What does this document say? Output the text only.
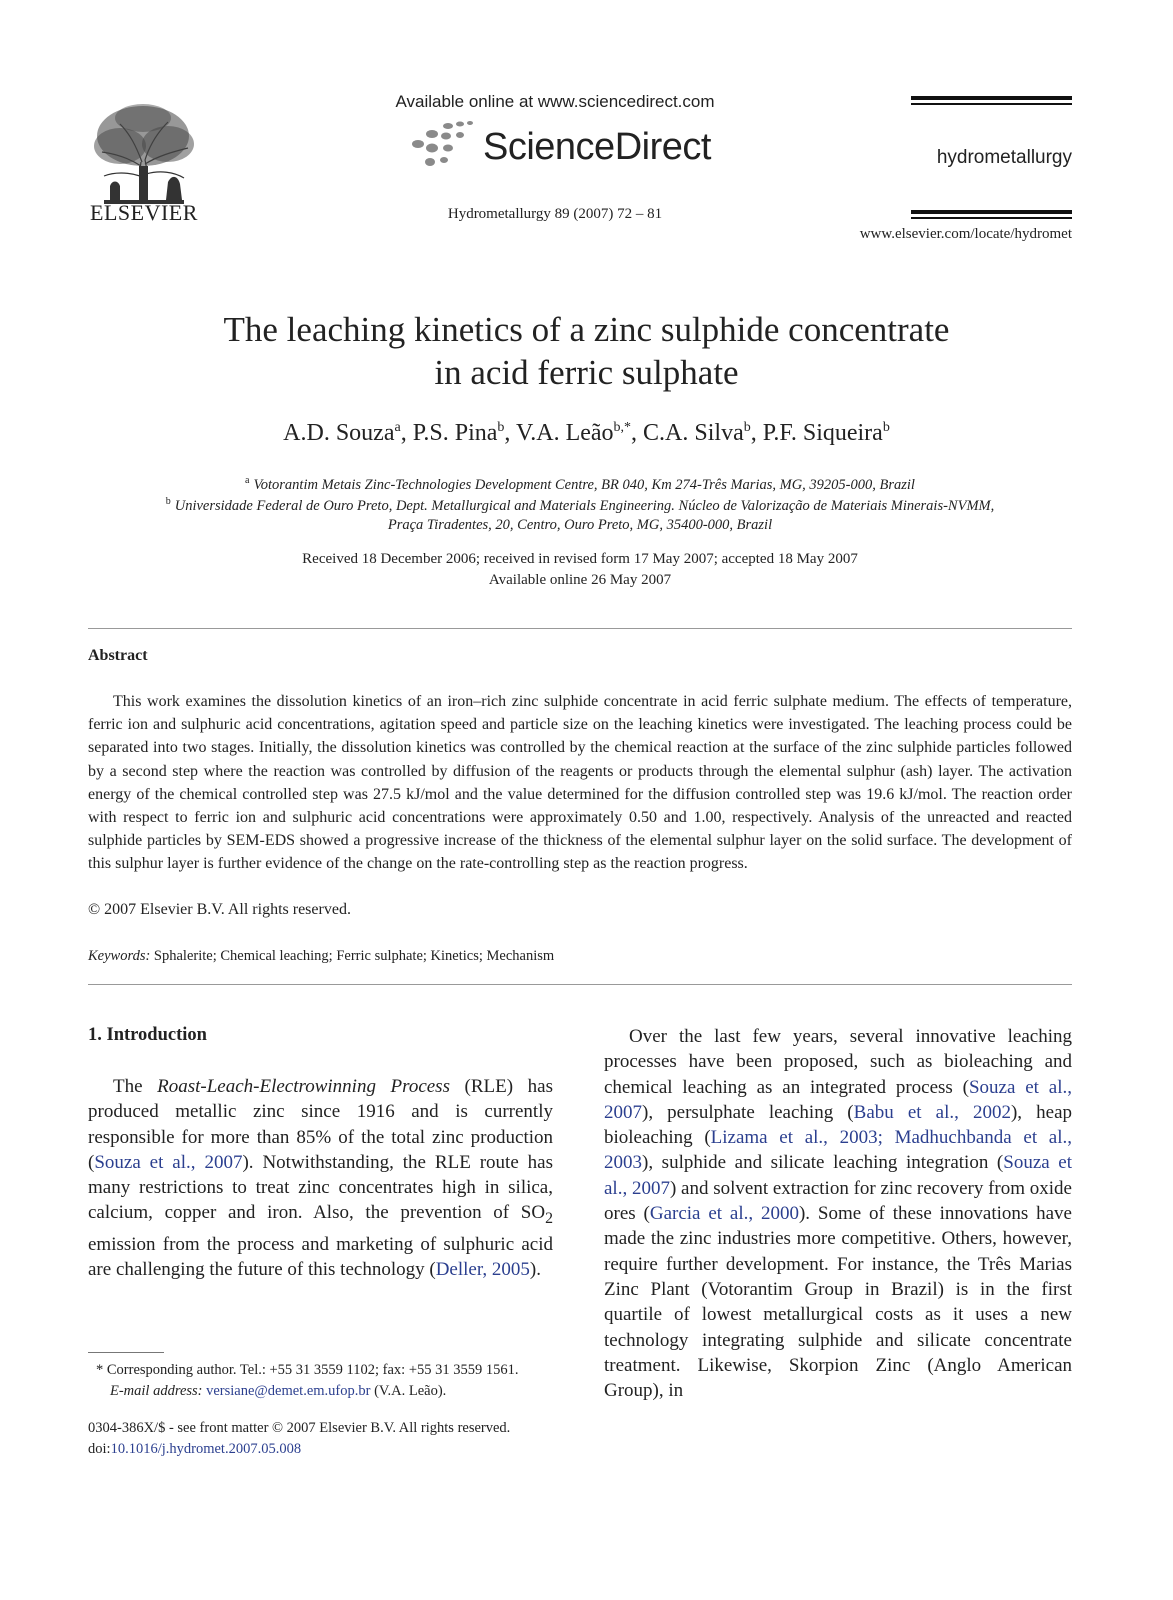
ELSEVIER
Available online at www.sciencedirect.com
ScienceDirect
Hydrometallurgy 89 (2007) 72 – 81
hydrometallurgy
www.elsevier.com/locate/hydromet
The leaching kinetics of a zinc sulphide concentrate
in acid ferric sulphate
A.D. Souza$^a$, P.S. Pina$^b$, V.A. Leão$^{b,*}$, C.A. Silva$^b$, P.F. Siqueira$^b$
$^a$ Votorantim Metais Zinc-Technologies Development Centre, BR 040, Km 274-Três Marias, MG, 39205-000, Brazil
$^b$ Universidade Federal de Ouro Preto, Dept. Metallurgical and Materials Engineering. Núcleo de Valorização de Materiais Minerais-NVMM,
Praça Tiradentes, 20, Centro, Ouro Preto, MG, 35400-000, Brazil
Received 18 December 2006; received in revised form 17 May 2007; accepted 18 May 2007
Available online 26 May 2007
Abstract

This work examines the dissolution kinetics of an iron–rich zinc sulphide concentrate in acid ferric sulphate medium. The effects of temperature, ferric ion and sulphuric acid concentrations, agitation speed and particle size on the leaching kinetics were investigated. The leaching process could be separated into two stages. Initially, the dissolution kinetics was controlled by the chemical reaction at the surface of the zinc sulphide particles followed by a second step where the reaction was controlled by diffusion of the reagents or products through the elemental sulphur (ash) layer. The activation energy of the chemical controlled step was 27.5 kJ/mol and the value determined for the diffusion controlled step was 19.6 kJ/mol. The reaction order with respect to ferric ion and sulphuric acid concentrations were approximately 0.50 and 1.00, respectively. Analysis of the unreacted and reacted sulphide particles by SEM-EDS showed a progressive increase of the thickness of the elemental sulphur layer on the solid surface. The development of this sulphur layer is further evidence of the change on the rate-controlling step as the reaction progress.

© 2007 Elsevier B.V. All rights reserved.
Keywords: Sphalerite; Chemical leaching; Ferric sulphate; Kinetics; Mechanism
1. Introduction

The Roast-Leach-Electrowinning Process (RLE) has produced metallic zinc since 1916 and is currently responsible for more than 85% of the total zinc production (Souza et al., 2007). Notwithstanding, the RLE route has many restrictions to treat zinc concentrates high in silica, calcium, copper and iron. Also, the prevention of $SO_2$ emission from the process and marketing of sulphuric acid are challenging the future of this technology (Deller, 2005).

Over the last few years, several innovative leaching processes have been proposed, such as bioleaching and chemical leaching as an integrated process (Souza et al., 2007), persulphate leaching (Babu et al., 2002), heap bioleaching (Lizama et al., 2003; Madhuchbanda et al., 2003), sulphide and silicate leaching integration (Souza et al., 2007) and solvent extraction for zinc recovery from oxide ores (Garcia et al., 2000). Some of these innovations have made the zinc industries more competitive. Others, however, require further development. For instance, the Três Marias Zinc Plant (Votorantim Group in Brazil) is in the first quartile of lowest metallurgical costs as it uses a new technology integrating sulphide and silicate concentrate treatment. Likewise, Skorpion Zinc (Anglo American Group), in

* Corresponding author. Tel.: +55 31 3559 1102; fax: +55 31 3559 1561.
E-mail address: versiane@demet.em.ufop.br (V.A. Leão).
0304-386X/$ - see front matter © 2007 Elsevier B.V. All rights reserved.
doi:10.1016/j.hydromet.2007.05.008
